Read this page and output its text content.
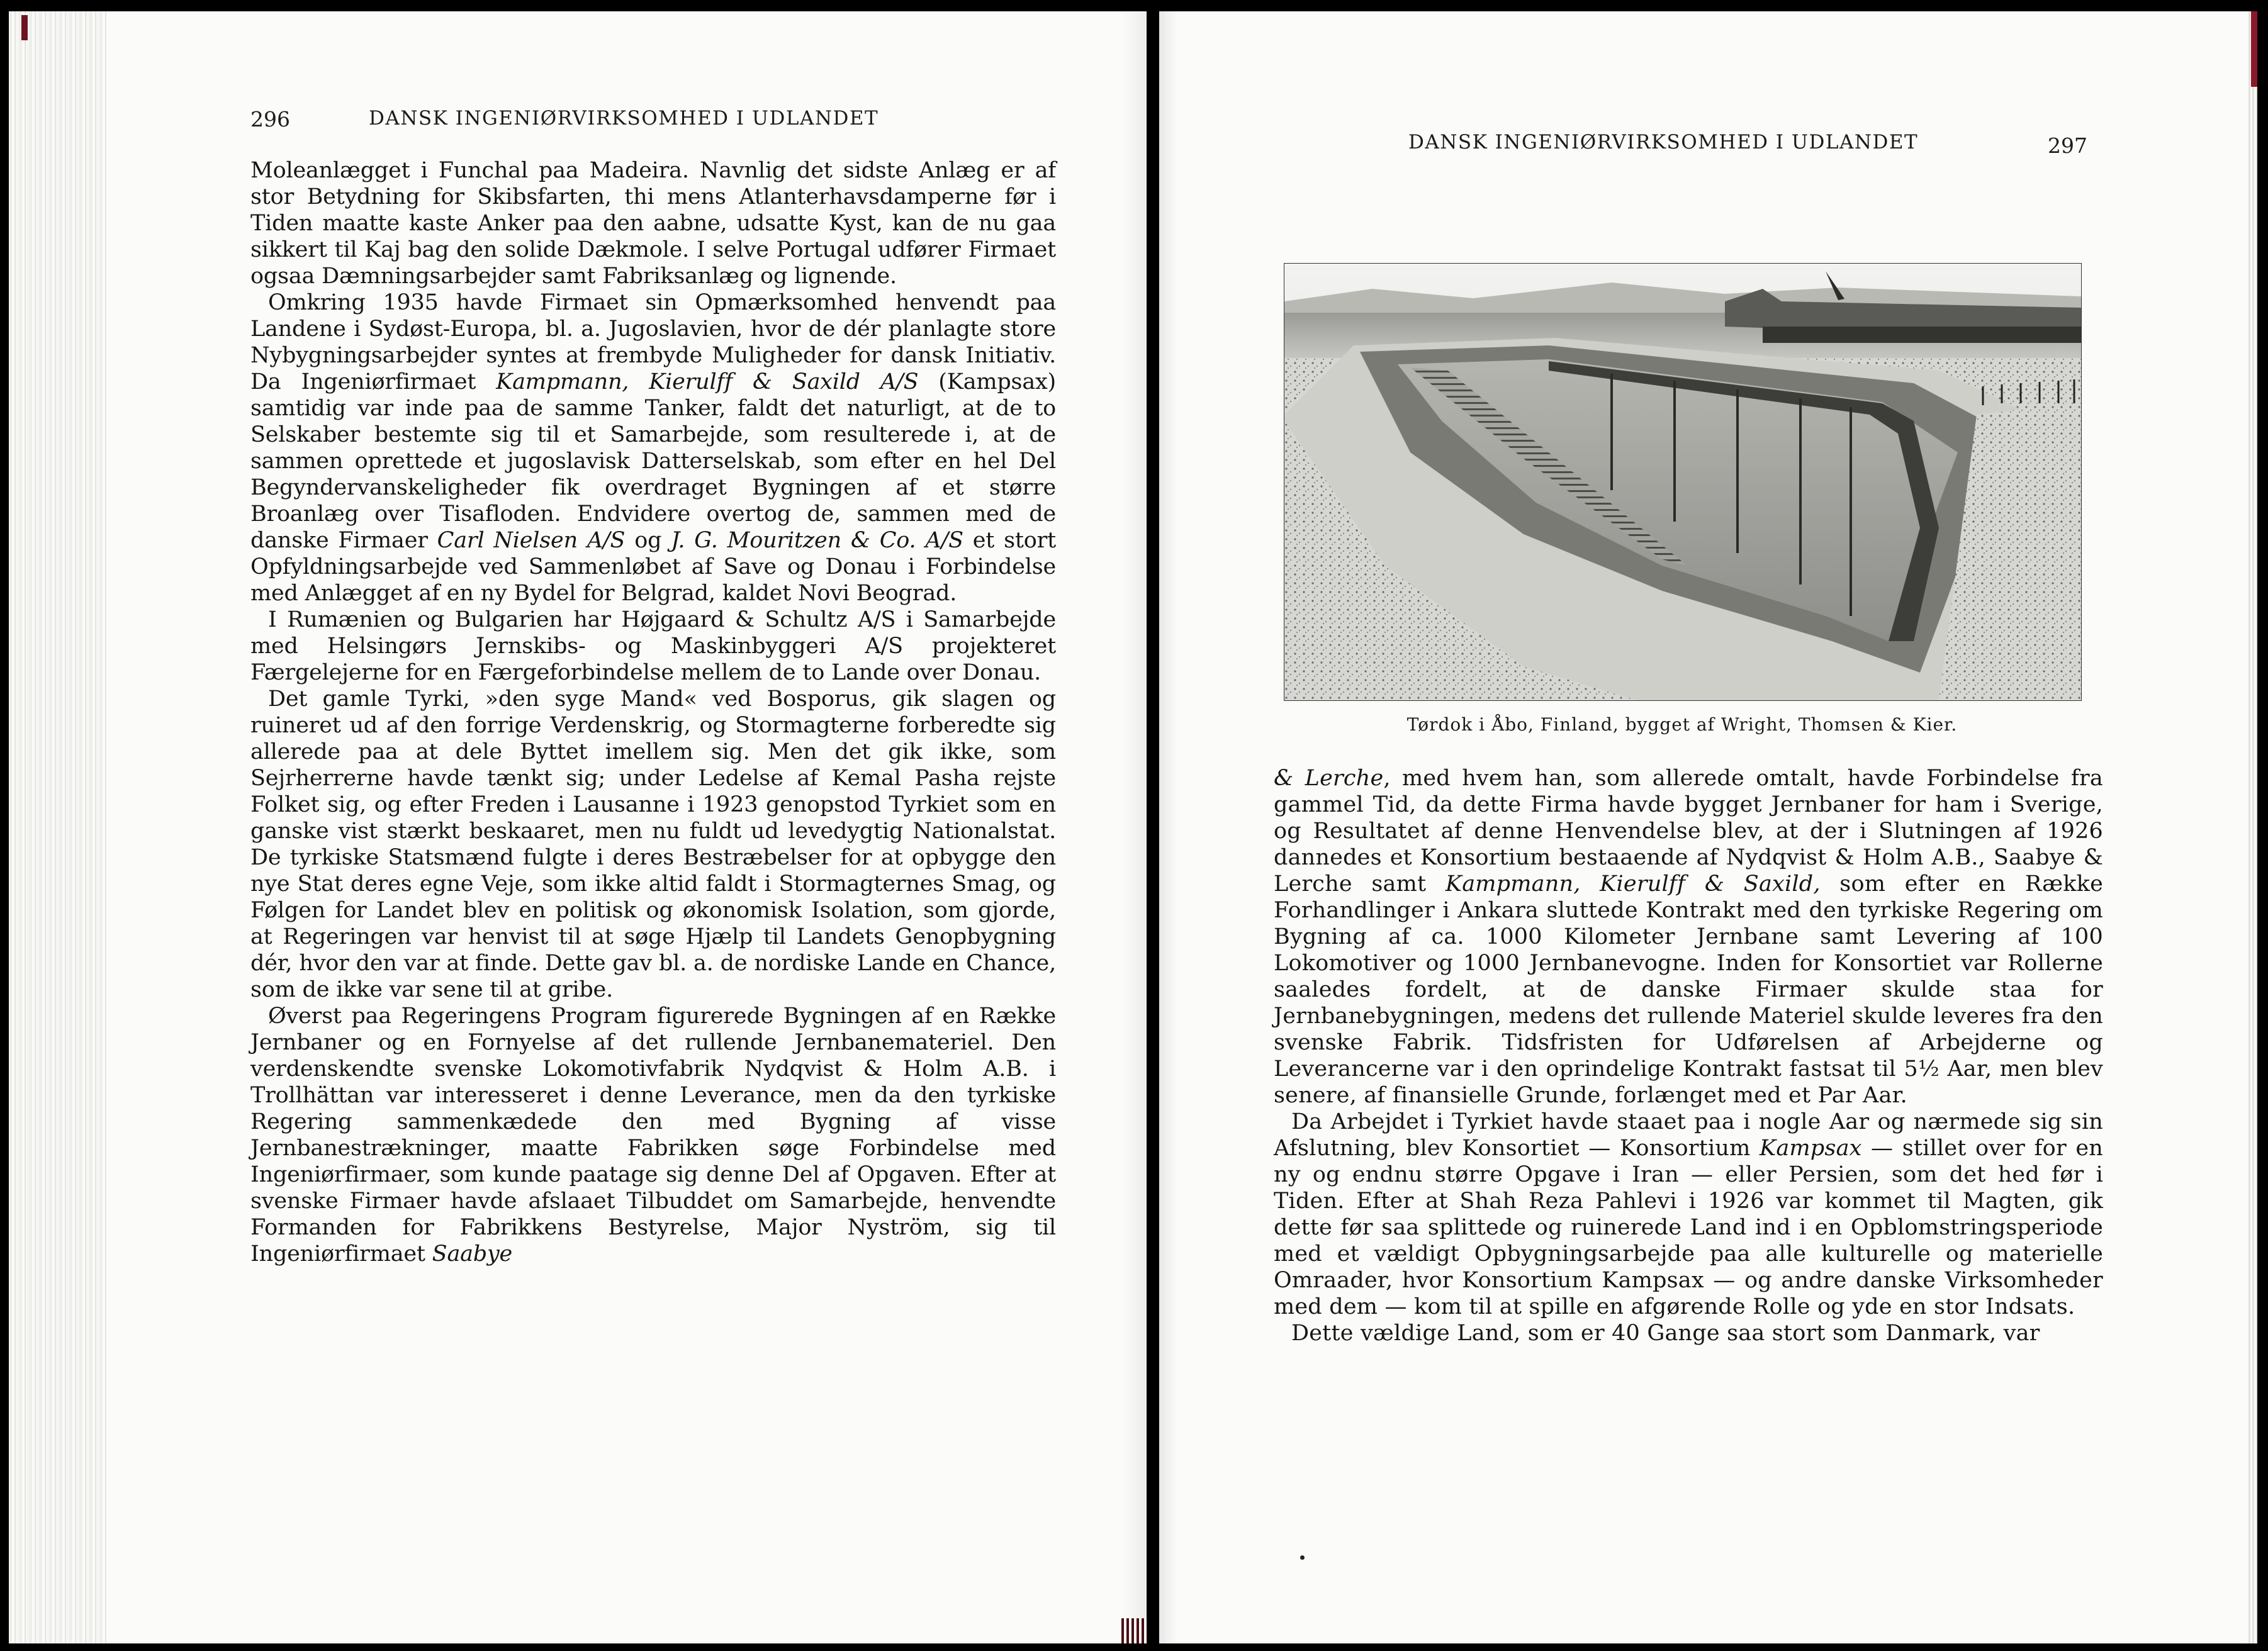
296	DANSK INGENIØRVIRKSOMHED I UDLANDET

Moleanlægget i Funchal paa Madeira. Navnlig det sidste Anlæg er af stor Betydning for Skibsfarten, thi mens Atlanterhavsdamperne før i Tiden maatte kaste Anker paa den aabne, udsatte Kyst, kan de nu gaa sikkert til Kaj bag den solide Dækmole. I selve Portugal udfører Firmaet ogsaa Dæmningsarbejder samt Fabriksanlæg og lignende.

Omkring 1935 havde Firmaet sin Opmærksomhed henvendt paa Landene i Sydøst-Europa, bl. a. Jugoslavien, hvor de dér planlagte store Nybygningsarbejder syntes at frembyde Muligheder for dansk Initiativ. Da Ingeniørfirmaet Kampmann, Kierulff & Saxild A/S (Kampsax) samtidig var inde paa de samme Tanker, faldt det naturligt, at de to Selskaber bestemte sig til et Samarbejde, som resulterede i, at de sammen oprettede et jugoslavisk Datterselskab, som efter en hel Del Begyndervanskeligheder fik overdraget Bygningen af et større Broanlæg over Tisafloden. Endvidere overtog de, sammen med de danske Firmaer Carl Nielsen A/S og J. G. Mouritzen & Co. A/S et stort Opfyldningsarbejde ved Sammenløbet af Save og Donau i Forbindelse med Anlægget af en ny Bydel for Belgrad, kaldet Novi Beograd.

I Rumænien og Bulgarien har Højgaard & Schultz A/S i Samarbejde med Helsingørs Jernskibs- og Maskinbyggeri A/S projekteret Færgelejerne for en Færgeforbindelse mellem de to Lande over Donau.

Det gamle Tyrki, »den syge Mand« ved Bosporus, gik slagen og ruineret ud af den forrige Verdenskrig, og Stormagterne forberedte sig allerede paa at dele Byttet imellem sig. Men det gik ikke, som Sejrherrerne havde tænkt sig; under Ledelse af Kemal Pasha rejste Folket sig, og efter Freden i Lausanne i 1923 genopstod Tyrkiet som en ganske vist stærkt beskaaret, men nu fuldt ud levedygtig Nationalstat. De tyrkiske Statsmænd fulgte i deres Bestræbelser for at opbygge den nye Stat deres egne Veje, som ikke altid faldt i Stormagternes Smag, og Følgen for Landet blev en politisk og økonomisk Isolation, som gjorde, at Regeringen var henvist til at søge Hjælp til Landets Genopbygning dér, hvor den var at finde. Dette gav bl. a. de nordiske Lande en Chance, som de ikke var sene til at gribe.

Øverst paa Regeringens Program figurerede Bygningen af en Række Jernbaner og en Fornyelse af det rullende Jernbanemateriel. Den verdenskendte svenske Lokomotivfabrik Nydqvist & Holm A.B. i Trollhättan var interesseret i denne Leverance, men da den tyrkiske Regering sammenkædede den med Bygning af visse Jernbanestrækninger, maatte Fabrikken søge Forbindelse med Ingeniørfirmaer, som kunde paatage sig denne Del af Opgaven. Efter at svenske Firmaer havde afslaaet Tilbuddet om Samarbejde, henvendte Formanden for Fabrikkens Bestyrelse, Major Nyström, sig til Ingeniørfirmaet Saabye

DANSK INGENIØRVIRKSOMHED I UDLANDET	297
Tørdok i Åbo, Finland, bygget af Wright, Thomsen & Kier.

& Lerche, med hvem han, som allerede omtalt, havde Forbindelse fra gammel Tid, da dette Firma havde bygget Jernbaner for ham i Sverige, og Resultatet af denne Henvendelse blev, at der i Slutningen af 1926 dannedes et Konsortium bestaaende af Nydqvist & Holm A.B., Saabye & Lerche samt Kampmann, Kierulff & Saxild, som efter en Række Forhandlinger i Ankara sluttede Kontrakt med den tyrkiske Regering om Bygning af ca. 1000 Kilometer Jernbane samt Levering af 100 Lokomotiver og 1000 Jernbanevogne. Inden for Konsortiet var Rollerne saaledes fordelt, at de danske Firmaer skulde staa for Jernbanebygningen, medens det rullende Materiel skulde leveres fra den svenske Fabrik. Tidsfristen for Udførelsen af Arbejderne og Leverancerne var i den oprindelige Kontrakt fastsat til 5½ Aar, men blev senere, af finansielle Grunde, forlænget med et Par Aar.

Da Arbejdet i Tyrkiet havde staaet paa i nogle Aar og nærmede sig sin Afslutning, blev Konsortiet — Konsortium Kampsax — stillet over for en ny og endnu større Opgave i Iran — eller Persien, som det hed før i Tiden. Efter at Shah Reza Pahlevi i 1926 var kommet til Magten, gik dette før saa splittede og ruinerede Land ind i en Opblomstringsperiode med et vældigt Opbygningsarbejde paa alle kulturelle og materielle Omraader, hvor Konsortium Kampsax — og andre danske Virksomheder med dem — kom til at spille en afgørende Rolle og yde en stor Indsats.

Dette vældige Land, som er 40 Gange saa stort som Danmark, var
